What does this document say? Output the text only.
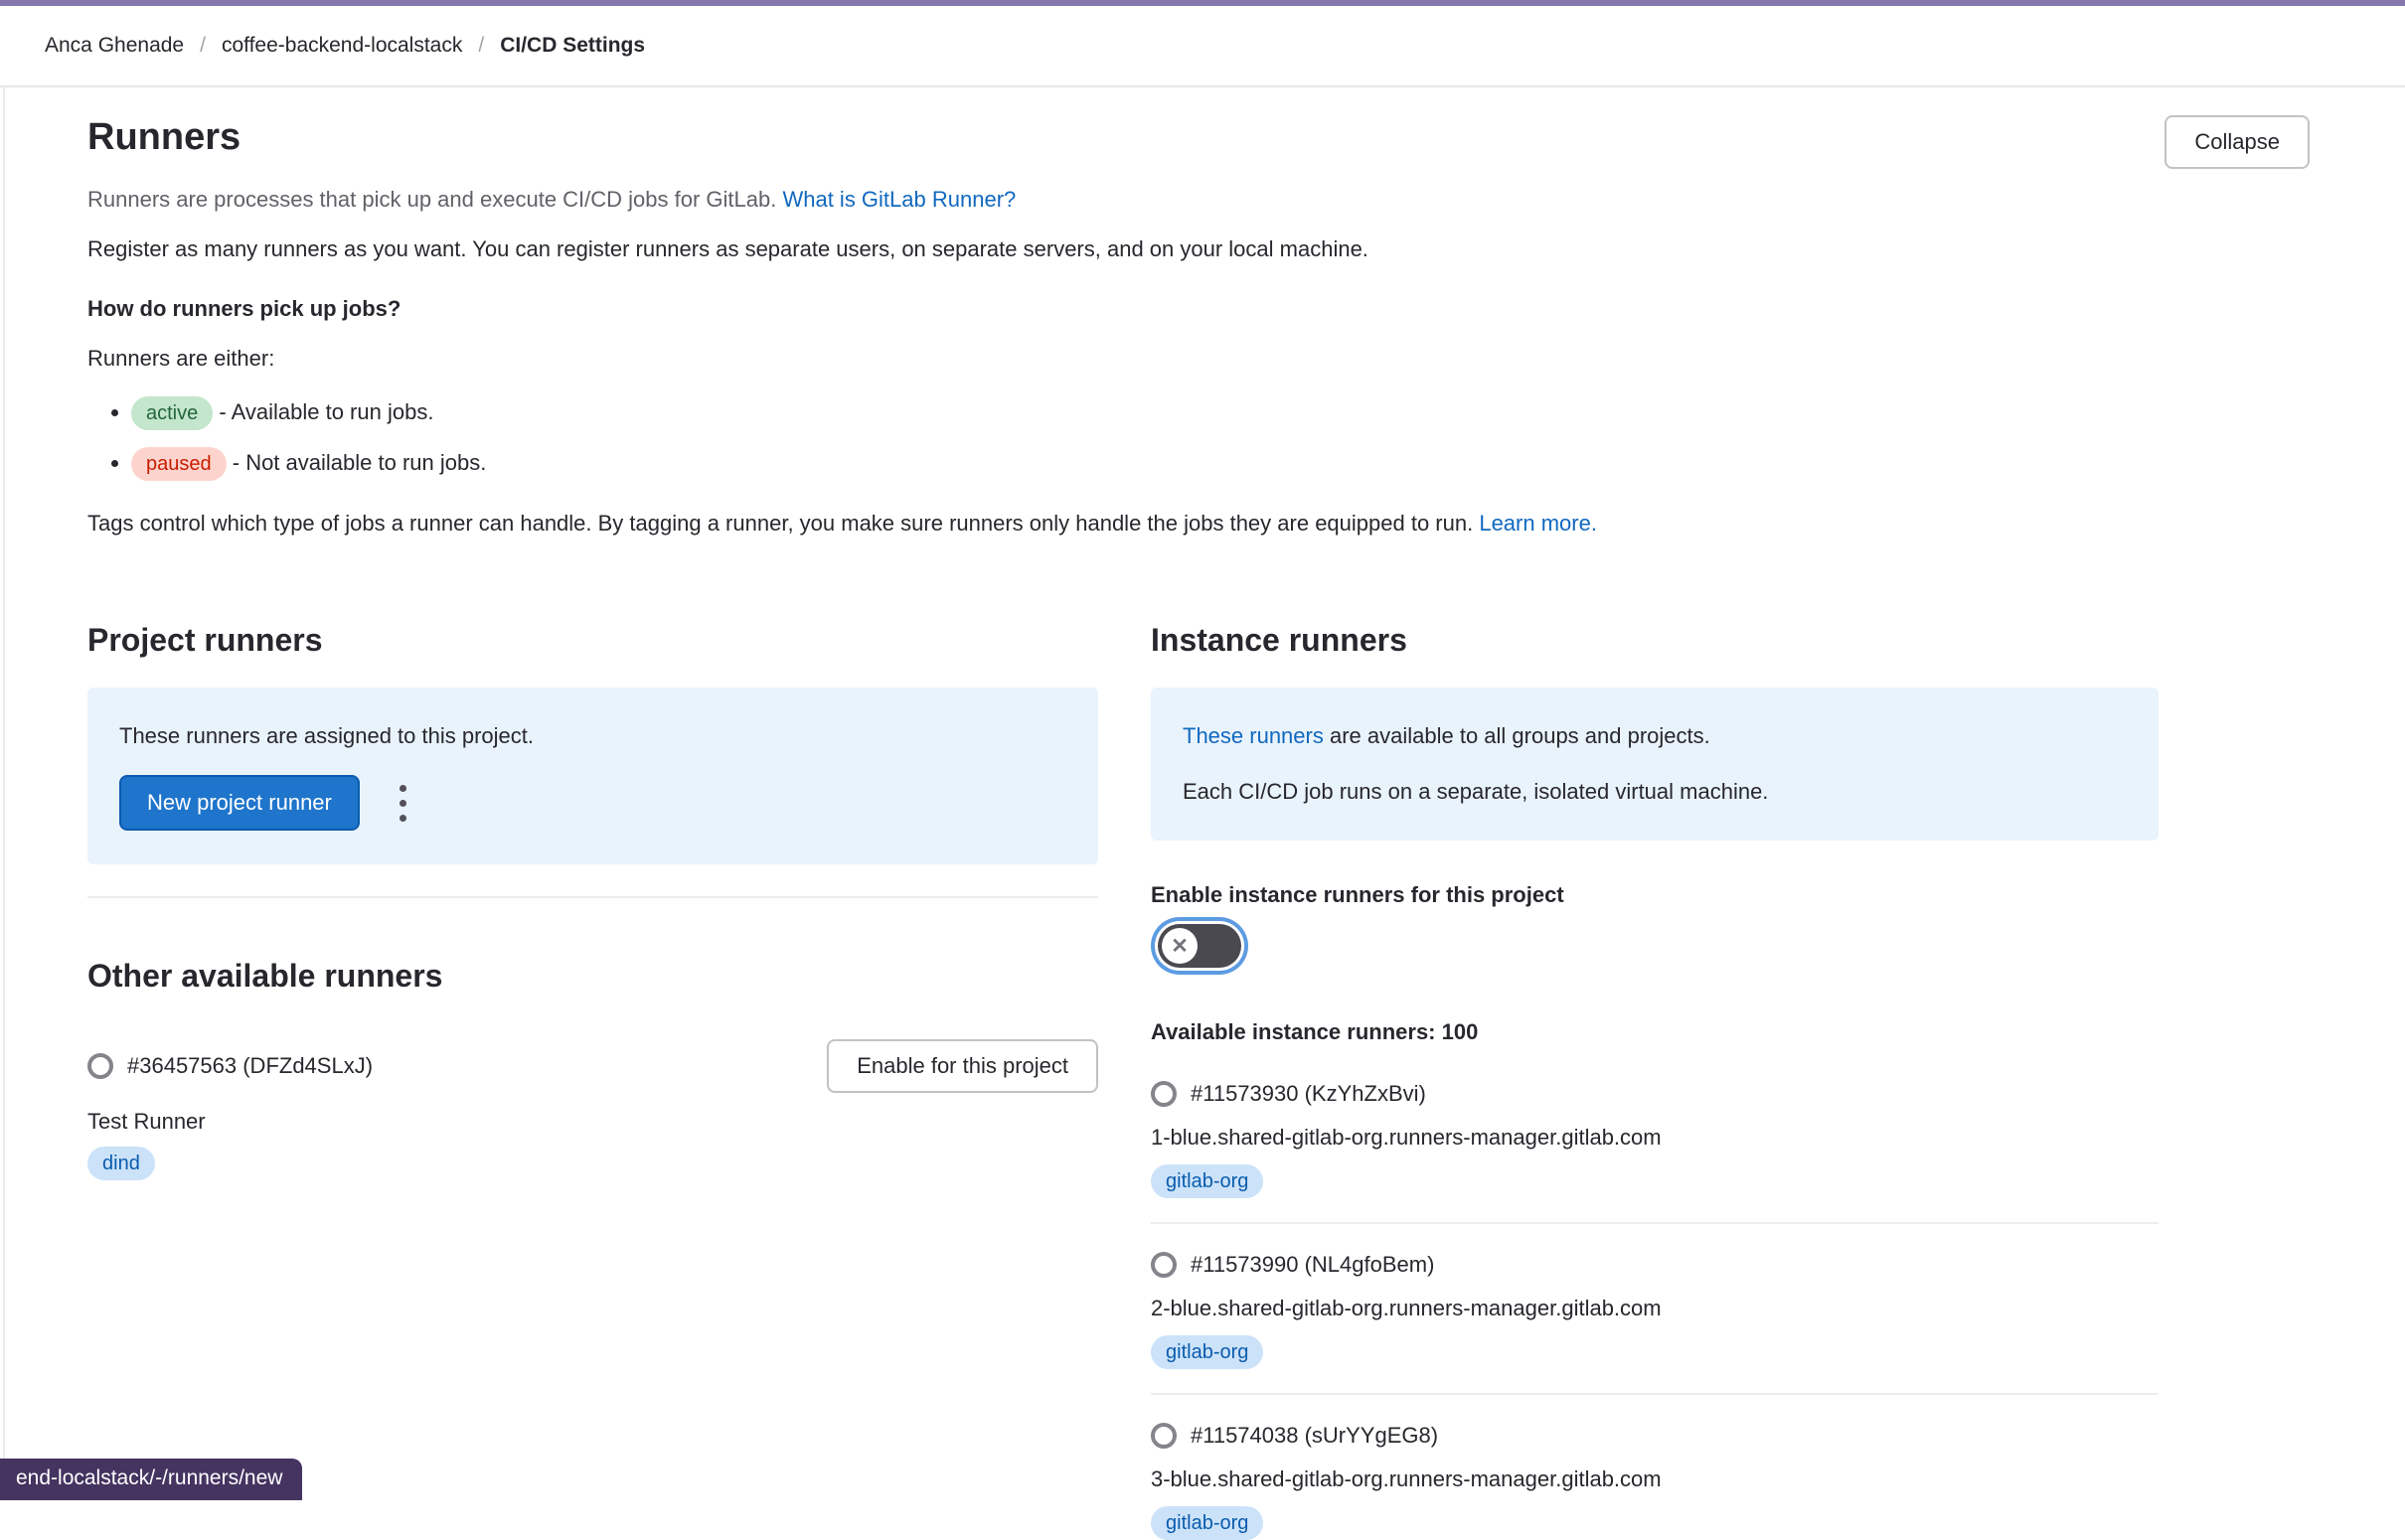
Anca Ghenade / coffee-backend-localstack / CI/CD Settings
Runners	Collapse

Runners are processes that pick up and execute CI/CD jobs for GitLab. What is GitLab Runner?

Register as many runners as you want. You can register runners as separate users, on separate servers, and on your local machine.

How do runners pick up jobs?

Runners are either:

• active - Available to run jobs.
• paused - Not available to run jobs.

Tags control which type of jobs a runner can handle. By tagging a runner, you make sure runners only handle the jobs they are equipped to run. Learn more.

Project runners

These runners are assigned to this project.

New project runner
Other available runners
#36457563 (DFZd4SLxJ)	Enable for this project

Test Runner

dind
Instance runners

These runners are available to all groups and projects.

Each CI/CD job runs on a separate, isolated virtual machine.

Enable instance runners for this project

✕

Available instance runners: 100

#11573930 (KzYhZxBvi)
1-blue.shared-gitlab-org.runners-manager.gitlab.com
gitlab-org
#11573990 (NL4gfoBem)
2-blue.shared-gitlab-org.runners-manager.gitlab.com
gitlab-org
#11574038 (sUrYYgEG8)
3-blue.shared-gitlab-org.runners-manager.gitlab.com
gitlab-org
end-localstack/-/runners/new
